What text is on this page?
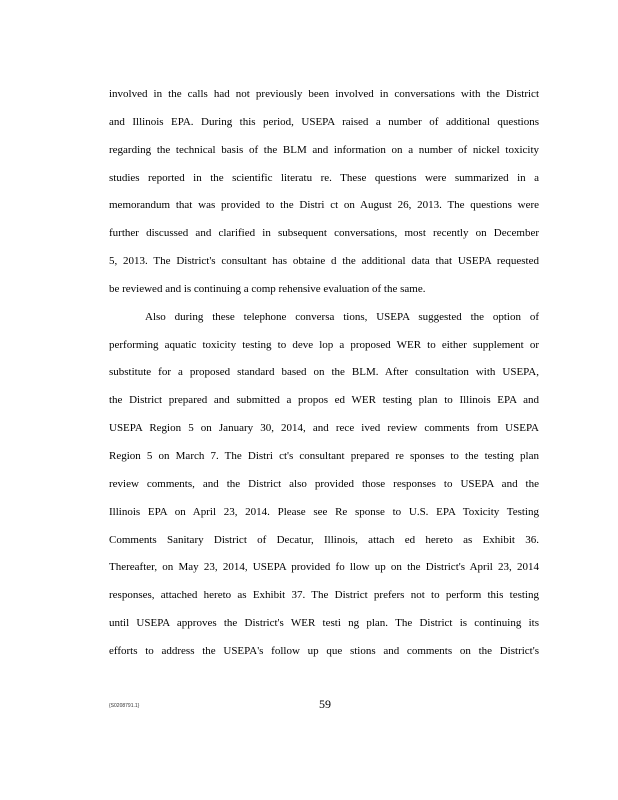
involved in the calls had not previously been involved in conversations with the District
and Illinois EPA. During this period, USEPA raised a number of additional questions
regarding the technical basis of the BLM and information on a number of nickel toxicity
studies reported in the scientific literatu re. These questions were summarized in a
memorandum that was provided to the Distri ct on August 26, 2013. The questions were
further discussed and clarified in subsequent conversations, most recently on December
5, 2013. The District's consultant has obtaine d the additional data that USEPA requested
be reviewed and is continuing a comp rehensive evaluation of the same.
Also during these telephone conversa tions, USEPA suggested the option of
performing aquatic toxicity testing to deve lop a proposed WER to either supplement or
substitute for a proposed standard based on the BLM. After consultation with USEPA,
the District prepared and submitted a propos ed WER testing plan to Illinois EPA and
USEPA Region 5 on January 30, 2014, and rece ived review comments from USEPA
Region 5 on March 7. The Distri ct's consultant prepared re sponses to the testing plan
review comments, and the District also provided those responses to USEPA and the
Illinois EPA on April 23, 2014. Please see Re sponse to U.S. EPA Toxicity Testing
Comments Sanitary District of Decatur, Illinois, attach ed hereto as Exhibit 36.
Thereafter, on May 23, 2014, USEPA provided fo llow up on the District's April 23, 2014
responses, attached hereto as Exhibit 37. The District prefers not to perform this testing
until USEPA approves the District's WER testi ng plan. The District is continuing its
efforts to address the USEPA's follow up que stions and comments on the District's
{S0208791.1}	59
